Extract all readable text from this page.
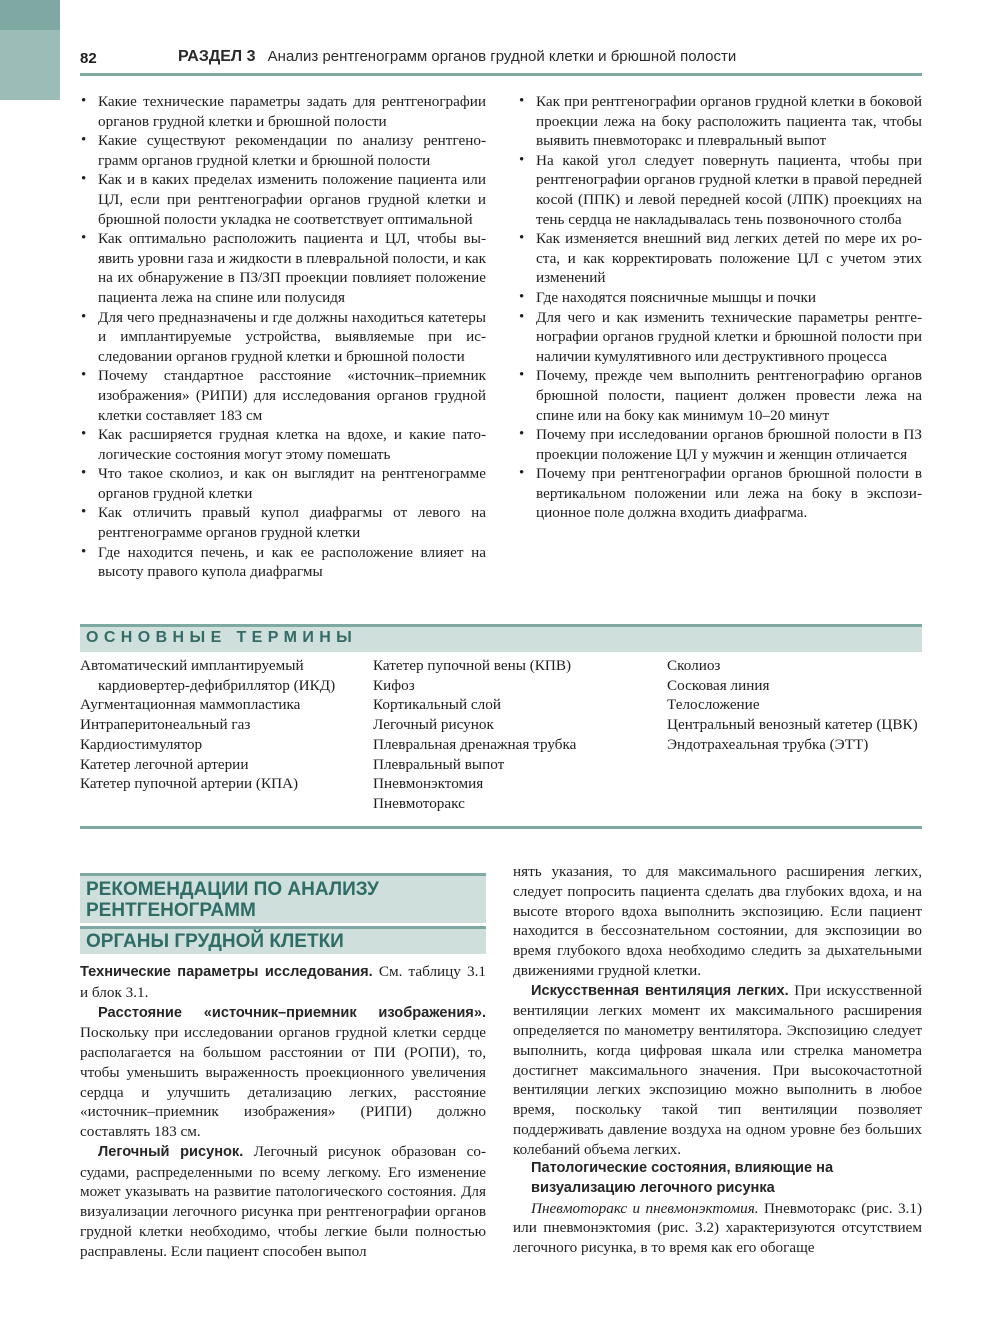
82	РАЗДЕЛ 3 Анализ рентгенограмм органов грудной клетки и брюшной полости
• Какие технические параметры задать для рентгенографии органов грудной клетки и брюшной полости
• Какие существуют рекомендации по анализу рентгенограмм органов грудной клетки и брюшной полости
• Как и в каких пределах изменить положение пациента или ЦЛ, если при рентгенографии органов грудной клетки и брюшной полости укладка не соответствует оптимальной
• Как оптимально расположить пациента и ЦЛ, чтобы выявить уровни газа и жидкости в плевральной полости, и как на их обнаружение в ПЗ/ЗП проекции повлияет положение пациента лежа на спине или полусидя
• Для чего предназначены и где должны находиться катетеры и имплантируемые устройства, выявляемые при исследовании органов грудной клетки и брюшной полости
• Почему стандартное расстояние «источник–приемник изображения» (РИПИ) для исследования органов грудной клетки составляет 183 см
• Как расширяется грудная клетка на вдохе, и какие патологические состояния могут этому помешать
• Что такое сколиоз, и как он выглядит на рентгенограмме органов грудной клетки
• Как отличить правый купол диафрагмы от левого на рентгенограмме органов грудной клетки
• Где находится печень, и как ее расположение влияет на высоту правого купола диафрагмы
• Как при рентгенографии органов грудной клетки в боковой проекции лежа на боку расположить пациента так, чтобы выявить пневмоторакс и плевральный выпот
• На какой угол следует повернуть пациента, чтобы при рентгенографии органов грудной клетки в правой передней косой (ППК) и левой передней косой (ЛПК) проекциях на тень сердца не накладывалась тень позвоночного столба
• Как изменяется внешний вид легких детей по мере их роста, и как корректировать положение ЦЛ с учетом этих изменений
• Где находятся поясничные мышцы и почки
• Для чего и как изменить технические параметры рентгенографии органов грудной клетки и брюшной полости при наличии кумулятивного или деструктивного процесса
• Почему, прежде чем выполнить рентгенографию органов брюшной полости, пациент должен провести лежа на спине или на боку как минимум 10–20 минут
• Почему при исследовании органов брюшной полости в ПЗ проекции положение ЦЛ у мужчин и женщин отличается
• Почему при рентгенографии органов брюшной полости в вертикальном положении или лежа на боку в экспозиционное поле должна входить диафрагма.
ОСНОВНЫЕ ТЕРМИНЫ
Автоматический имплантируемый кардиовертер-дефибриллятор (ИКД)
Аугментационная маммопластика
Интраперитонеальный газ
Кардиостимулятор
Катетер легочной артерии
Катетер пупочной артерии (КПА)
Катетер пупочной вены (КПВ)
Кифоз
Кортикальный слой
Легочный рисунок
Плевральная дренажная трубка
Плевральный выпот
Пневмонэктомия
Пневмоторакс
Сколиоз
Сосковая линия
Телосложение
Центральный венозный катетер (ЦВК)
Эндотрахеальная трубка (ЭТТ)
РЕКОМЕНДАЦИИ ПО АНАЛИЗУ РЕНТГЕНОГРАММ
ОРГАНЫ ГРУДНОЙ КЛЕТКИ

Технические параметры исследования. См. таблицу 3.1 и блок 3.1.

Расстояние «источник–приемник изображения». Поскольку при исследовании органов грудной клетки сердце располагается на большом расстоянии от ПИ (РОПИ), то, чтобы уменьшить выраженность проекционного увеличения сердца и улучшить детализацию легких, расстояние «источник–приемник изображения» (РИПИ) должно составлять 183 см.

Легочный рисунок. Легочный рисунок образован сосудами, распределенными по всему легкому. Его изменение может указывать на развитие патологического состояния. Для визуализации легочного рисунка при рентгенографии органов грудной клетки необходимо, чтобы легкие были полностью расправлены. Если пациент способен выпол

нять указания, то для максимального расширения легких, следует попросить пациента сделать два глубоких вдоха, и на высоте второго вдоха выполнить экспозицию. Если пациент находится в бессознательном состоянии, для экспозиции во время глубокого вдоха необходимо следить за дыхательными движениями грудной клетки.

Искусственная вентиляция легких. При искусственной вентиляции легких момент их максимального расширения определяется по манометру вентилятора. Экспозицию следует выполнить, когда цифровая шкала или стрелка манометра достигнет максимального значения. При высокочастотной вентиляции легких экспозицию можно выполнить в любое время, поскольку такой тип вентиляции позволяет поддерживать давление воздуха на одном уровне без больших колебаний объема легких.

Патологические состояния, влияющие на визуализацию легочного рисунка

Пневмоторакс и пневмонэктомия. Пневмоторакс (рис. 3.1) или пневмонэктомия (рис. 3.2) характеризуются отсутствием легочного рисунка, в то время как его обогаще
